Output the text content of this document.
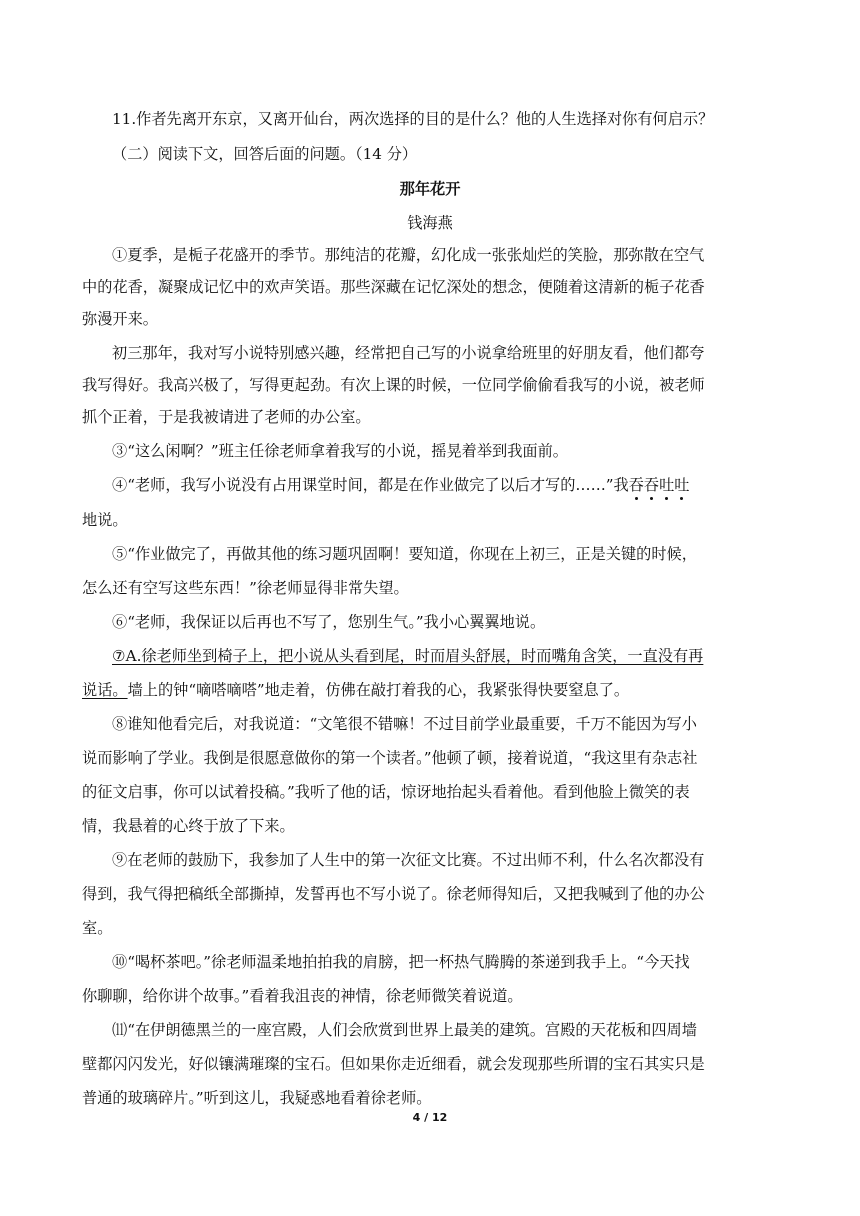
11.作者先离开东京，又离开仙台，两次选择的目的是什么？他的人生选择对你有何启示？
（二）阅读下文，回答后面的问题。（14 分）
那年花开
钱海燕
①夏季，是栀子花盛开的季节。那纯洁的花瓣，幻化成一张张灿烂的笑脸，那弥散在空气
中的花香，凝聚成记忆中的欢声笑语。那些深藏在记忆深处的想念，便随着这清新的栀子花香
弥漫开来。
初三那年，我对写小说特别感兴趣，经常把自己写的小说拿给班里的好朋友看，他们都夸
我写得好。我高兴极了，写得更起劲。有次上课的时候，一位同学偷偷看我写的小说，被老师
抓个正着，于是我被请进了老师的办公室。
③“这么闲啊？”班主任徐老师拿着我写的小说，摇晃着举到我面前。
④“老师，我写小说没有占用课堂时间，都是在作业做完了以后才写的……”我吞吞吐吐
地说。
⑤“作业做完了，再做其他的练习题巩固啊！要知道，你现在上初三，正是关键的时候，
怎么还有空写这些东西！”徐老师显得非常失望。
⑥“老师，我保证以后再也不写了，您别生气。”我小心翼翼地说。
⑦A.徐老师坐到椅子上，把小说从头看到尾，时而眉头舒展，时而嘴角含笑，一直没有再
说话。墙上的钟“嘀嗒嘀嗒”地走着，仿佛在敲打着我的心，我紧张得快要窒息了。
⑧谁知他看完后，对我说道：“文笔很不错嘛！不过目前学业最重要，千万不能因为写小
说而影响了学业。我倒是很愿意做你的第一个读者。”他顿了顿，接着说道，“我这里有杂志社
的征文启事，你可以试着投稿。”我听了他的话，惊讶地抬起头看着他。看到他脸上微笑的表
情，我悬着的心终于放了下来。
⑨在老师的鼓励下，我参加了人生中的第一次征文比赛。不过出师不利，什么名次都没有
得到，我气得把稿纸全部撕掉，发誓再也不写小说了。徐老师得知后，又把我喊到了他的办公
室。
⑩“喝杯茶吧。”徐老师温柔地拍拍我的肩膀，把一杯热气腾腾的茶递到我手上。“今天找
你聊聊，给你讲个故事。”看着我沮丧的神情，徐老师微笑着说道。
⑾“在伊朗德黑兰的一座宫殿，人们会欣赏到世界上最美的建筑。宫殿的天花板和四周墙
壁都闪闪发光，好似镶满璀璨的宝石。但如果你走近细看，就会发现那些所谓的宝石其实只是
普通的玻璃碎片。”听到这儿，我疑惑地看着徐老师。
4 / 12
